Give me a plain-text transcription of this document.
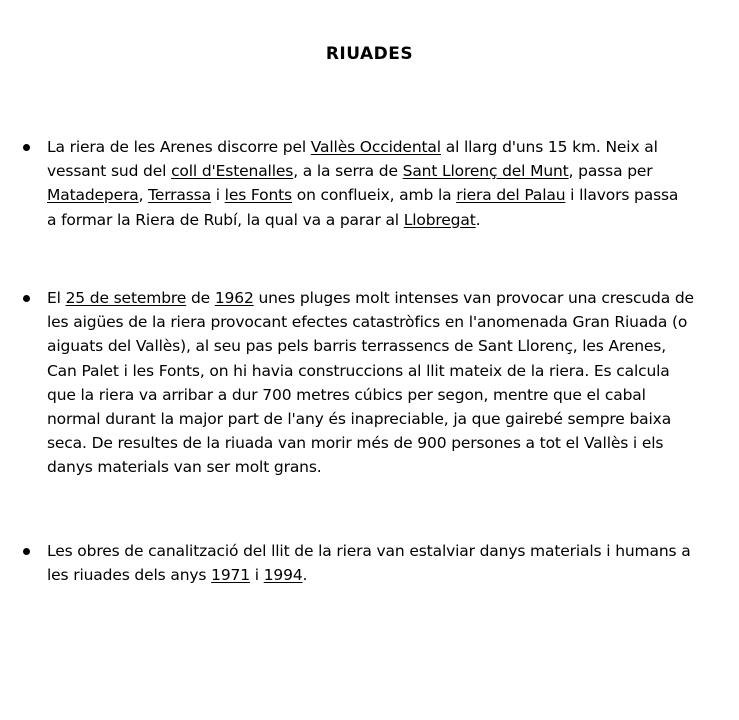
RIUADES
La riera de les Arenes discorre pel Vallès Occidental al llarg d'uns 15 km. Neix al
vessant sud del coll d'Estenalles, a la serra de Sant Llorenç del Munt, passa per
Matadepera, Terrassa i les Fonts on conflueix, amb la riera del Palau i llavors passa
a formar la Riera de Rubí, la qual va a parar al Llobregat.
El 25 de setembre de 1962 unes pluges molt intenses van provocar una crescuda de
les aigües de la riera provocant efectes catastròfics en l'anomenada Gran Riuada (o
aiguats del Vallès), al seu pas pels barris terrassencs de Sant Llorenç, les Arenes,
Can Palet i les Fonts, on hi havia construccions al llit mateix de la riera. Es calcula
que la riera va arribar a dur 700 metres cúbics per segon, mentre que el cabal
normal durant la major part de l'any és inapreciable, ja que gairebé sempre baixa
seca. De resultes de la riuada van morir més de 900 persones a tot el Vallès i els
danys materials van ser molt grans.
Les obres de canalització del llit de la riera van estalviar danys materials i humans a
les riuades dels anys 1971 i 1994.
